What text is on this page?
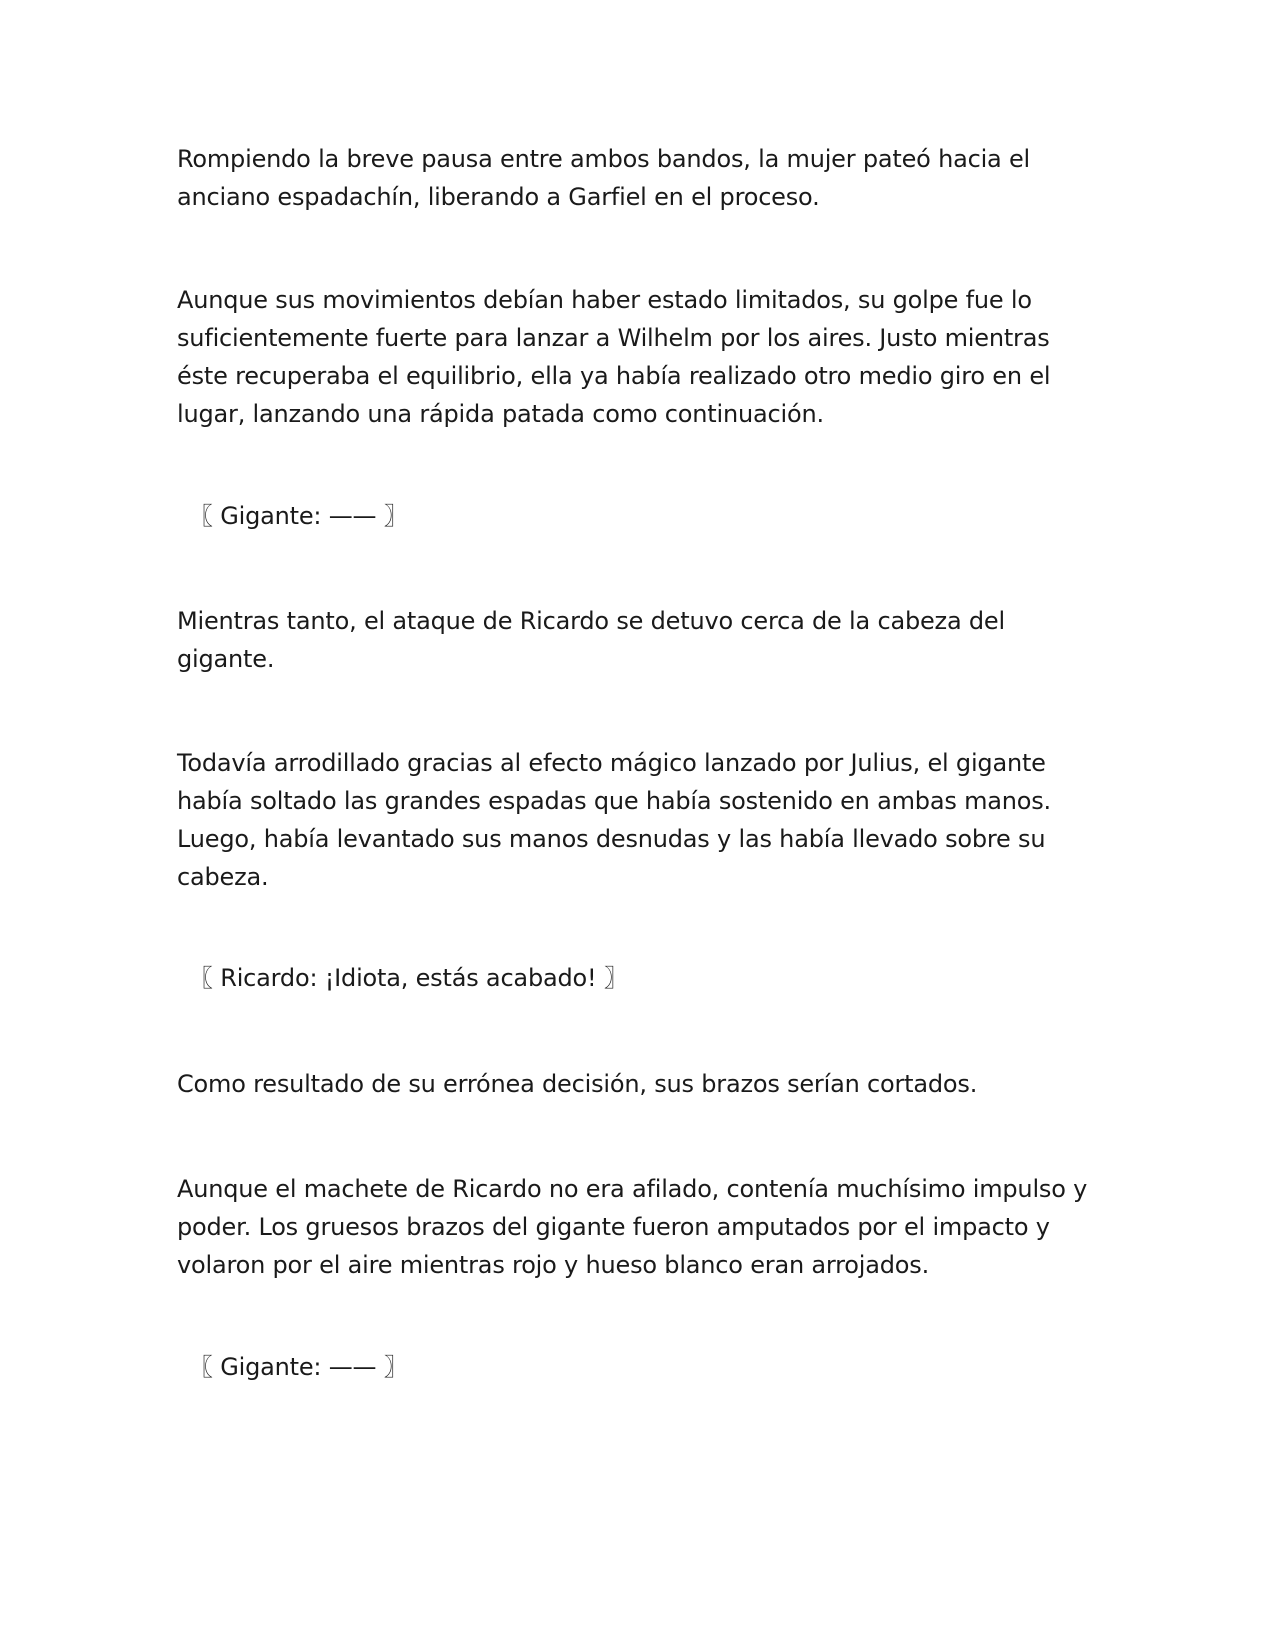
Rompiendo la breve pausa entre ambos bandos, la mujer pateó hacia el
anciano espadachín, liberando a Garfiel en el proceso.

Aunque sus movimientos debían haber estado limitados, su golpe fue lo
suficientemente fuerte para lanzar a Wilhelm por los aires. Justo mientras
éste recuperaba el equilibrio, ella ya había realizado otro medio giro en el
lugar, lanzando una rápida patada como continuación.

〖 Gigante: —— 〗

Mientras tanto, el ataque de Ricardo se detuvo cerca de la cabeza del
gigante.

Todavía arrodillado gracias al efecto mágico lanzado por Julius, el gigante
había soltado las grandes espadas que había sostenido en ambas manos.
Luego, había levantado sus manos desnudas y las había llevado sobre su
cabeza.

〖 Ricardo: ¡Idiota, estás acabado! 〗

Como resultado de su errónea decisión, sus brazos serían cortados.

Aunque el machete de Ricardo no era afilado, contenía muchísimo impulso y
poder. Los gruesos brazos del gigante fueron amputados por el impacto y
volaron por el aire mientras rojo y hueso blanco eran arrojados.

〖 Gigante: —— 〗
